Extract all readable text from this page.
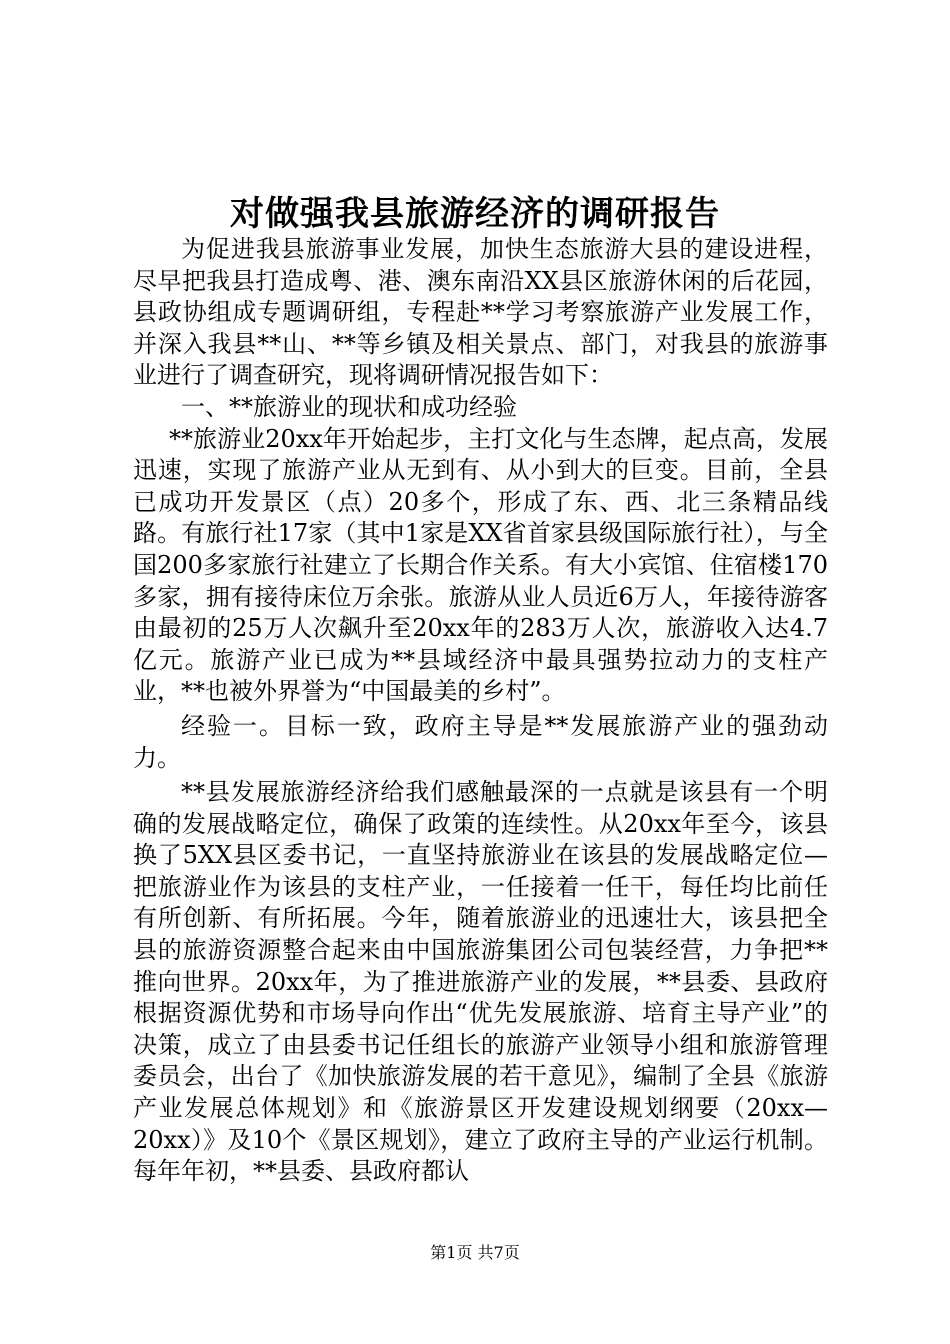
对做强我县旅游经济的调研报告

为促进我县旅游事业发展，加快生态旅游大县的建设进程，尽早把我县打造成粤、港、澳东南沿XX县区旅游休闲的后花园，县政协组成专题调研组，专程赴**学习考察旅游产业发展工作，并深入我县**山、**等乡镇及相关景点、部门，对我县的旅游事业进行了调查研究，现将调研情况报告如下：

一、**旅游业的现状和成功经验

**旅游业20xx年开始起步，主打文化与生态牌，起点高，发展迅速，实现了旅游产业从无到有、从小到大的巨变。目前，全县已成功开发景区（点）20多个，形成了东、西、北三条精品线路。有旅行社17家（其中1家是XX省首家县级国际旅行社），与全国200多家旅行社建立了长期合作关系。有大小宾馆、住宿楼170多家，拥有接待床位万余张。旅游从业人员近6万人，年接待游客由最初的25万人次飙升至20xx年的283万人次，旅游收入达4.7亿元。旅游产业已成为**县域经济中最具强势拉动力的支柱产业，**也被外界誉为“中国最美的乡村”。

经验一。目标一致，政府主导是**发展旅游产业的强劲动力。

**县发展旅游经济给我们感触最深的一点就是该县有一个明确的发展战略定位，确保了政策的连续性。从20xx年至今，该县换了5XX县区委书记，一直坚持旅游业在该县的发展战略定位—把旅游业作为该县的支柱产业，一任接着一任干，每任均比前任有所创新、有所拓展。今年，随着旅游业的迅速壮大，该县把全县的旅游资源整合起来由中国旅游集团公司包装经营，力争把**推向世界。20xx年，为了推进旅游产业的发展，**县委、县政府根据资源优势和市场导向作出“优先发展旅游、培育主导产业”的决策，成立了由县委书记任组长的旅游产业领导小组和旅游管理委员会，出台了《加快旅游发展的若干意见》，编制了全县《旅游产业发展总体规划》和《旅游景区开发建设规划纲要（20xx—20xx）》及10个《景区规划》，建立了政府主导的产业运行机制。每年年初，**县委、县政府都认

第1页 共7页
